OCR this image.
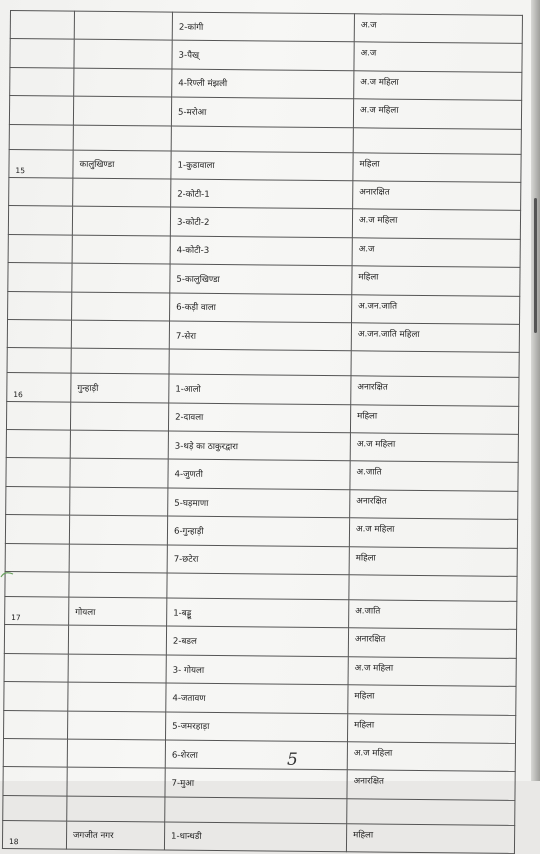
		2-कांगी	अ.ज
		3-पैख्	अ.ज
		4-रिण्ली मंझली	अ.ज महिला
		5-मरोआ	अ.ज महिला

15	कालुखिण्डा	1-कुडावाला	महिला
		2-कोटी-1	अनारक्षित
		3-कोटी-2	अ.ज महिला
		4-कोटी-3	अ.ज
		5-कालुखिण्डा	महिला
		6-कड़ी वाला	अ.जन.जाति
		7-सेरा	अ.जन.जाति महिला

16	गुन्हाड़ी	1-आलो	अनारक्षित
		2-दावला	महिला
		3-थड़े का ठाकुरद्वारा	अ.ज महिला
		4-जुणती	अ.जाति
		5-घड़माणा	अनारक्षित
		6-गुन्हाड़ी	अ.ज महिला
		7-छटेरा	महिला

17	गोयला	1-बड्डू	अ.जाति
		2-बडल	अनारक्षित
		3- गोयला	अ.ज महिला
		4-जतावण	महिला
		5-जमरहाड़ा	महिला
		6-शेरला	अ.ज महिला
		7-मुआ	अनारक्षित

18	जगजीत नगर	1-धान्धडी	महिला
5
